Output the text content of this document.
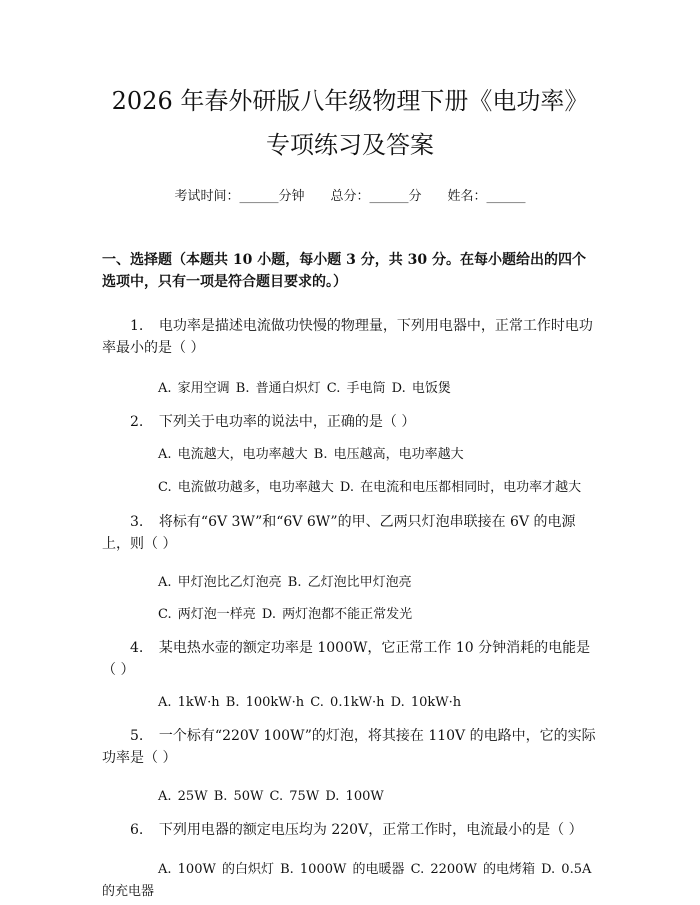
2026 年春外研版八年级物理下册《电功率》
专项练习及答案
考试时间：______分钟 总分：______分 姓名：______
一、选择题（本题共 10 小题，每小题 3 分，共 30 分。在每小题给出的四个选项中，只有一项是符合题目要求的。）

1. 电功率是描述电流做功快慢的物理量，下列用电器中，正常工作时电功率最小的是（ ）

A. 家用空调 B. 普通白炽灯 C. 手电筒 D. 电饭煲

2. 下列关于电功率的说法中，正确的是（ ）

A. 电流越大，电功率越大 B. 电压越高，电功率越大

C. 电流做功越多，电功率越大 D. 在电流和电压都相同时，电功率才越大

3. 将标有“6V 3W”和“6V 6W”的甲、乙两只灯泡串联接在 6V 的电源上，则（ ）

A. 甲灯泡比乙灯泡亮 B. 乙灯泡比甲灯泡亮

C. 两灯泡一样亮 D. 两灯泡都不能正常发光

4. 某电热水壶的额定功率是 1000W，它正常工作 10 分钟消耗的电能是（ ）

A. 1kW·h B. 100kW·h C. 0.1kW·h D. 10kW·h

5. 一个标有“220V 100W”的灯泡，将其接在 110V 的电路中，它的实际功率是（ ）

A. 25W B. 50W C. 75W D. 100W

6. 下列用电器的额定电压均为 220V，正常工作时，电流最小的是（ ）

A. 100W 的白炽灯 B. 1000W 的电暖器 C. 2200W 的电烤箱 D. 0.5A 的充电器
